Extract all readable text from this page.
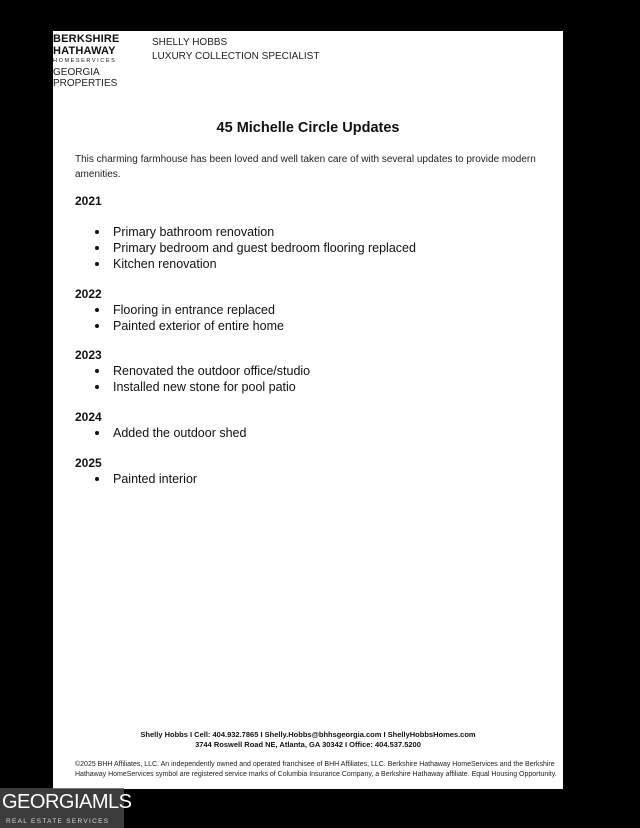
BERKSHIRE
HATHAWAY
HOMESERVICES
GEORGIA
PROPERTIES
SHELLY HOBBS
LUXURY COLLECTION SPECIALIST
45 Michelle Circle Updates
This charming farmhouse has been loved and well taken care of with several updates to provide modern amenities.
2021
Primary bathroom renovation
Primary bedroom and guest bedroom flooring replaced
Kitchen renovation
2022
Flooring in entrance replaced
Painted exterior of entire home
2023
Renovated the outdoor office/studio
Installed new stone for pool patio
2024
Added the outdoor shed
2025
Painted interior
Shelly Hobbs I Cell: 404.932.7865 I Shelly.Hobbs@bhhsgeorgia.com I ShellyHobbsHomes.com
3744 Roswell Road NE, Atlanta, GA 30342 I Office: 404.537.5200
©2025 BHH Affiliates, LLC. An independently owned and operated franchisee of BHH Affiliates, LLC. Berkshire Hathaway HomeServices and the Berkshire Hathaway HomeServices symbol are registered service marks of Columbia Insurance Company, a Berkshire Hathaway affiliate. Equal Housing Opportunity.
GEORGIAMLS
REAL ESTATE SERVICES
